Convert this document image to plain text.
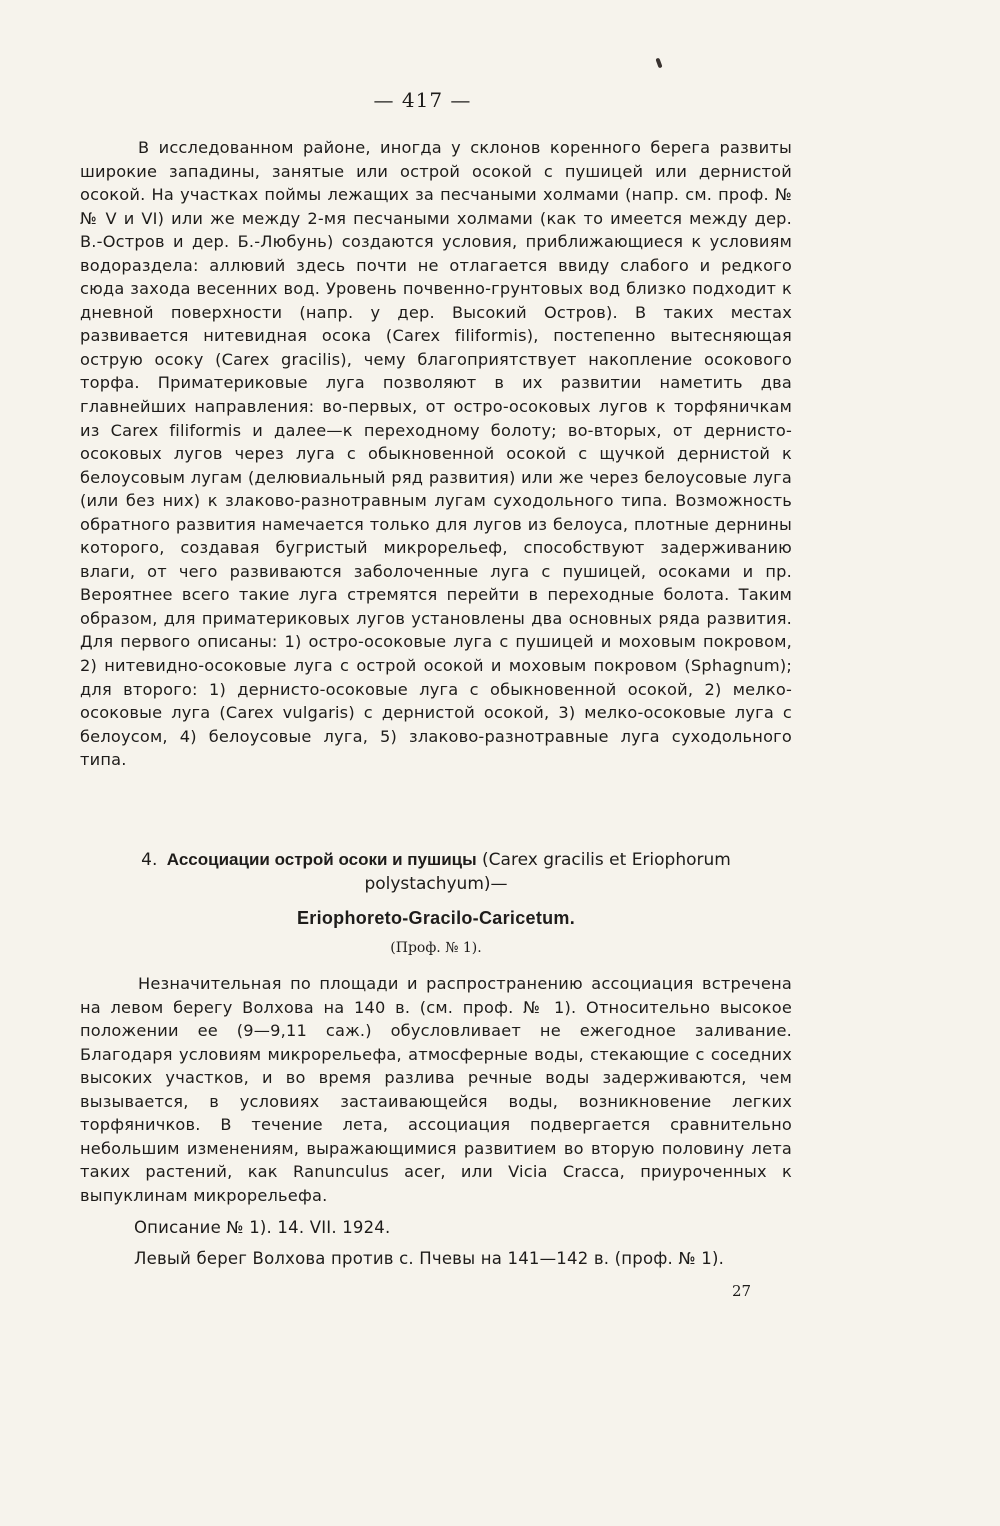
— 417 —

В исследованном районе, иногда у склонов коренного берега развиты широкие западины, занятые или острой осокой с пушицей или дернистой осокой. На участках поймы лежащих за песчаными холмами (напр. см. проф. №№ V и VI) или же между 2-мя песчаными холмами (как то имеется между дер. В.-Остров и дер. Б.-Любунь) создаются условия, приближающиеся к условиям водораздела: аллювий здесь почти не отлагается ввиду слабого и редкого сюда захода весенних вод. Уровень почвенно-грунтовых вод близко подходит к дневной поверхности (напр. у дер. Высокий Остров). В таких местах развивается нитевидная осока (Carex filiformis), постепенно вытесняющая острую осоку (Carex gracilis), чему благоприятствует накопление осокового торфа. Приматериковые луга позволяют в их развитии наметить два главнейших направления: во-первых, от остро-осоковых лугов к торфяничкам из Carex filiformis и далее—к переходному болоту; во-вторых, от дернисто-осоковых лугов через луга с обыкновенной осокой с щучкой дернистой к белоусовым лугам (делювиальный ряд развития) или же через белоусовые луга (или без них) к злаково-разнотравным лугам суходольного типа. Возможность обратного развития намечается только для лугов из белоуса, плотные дернины которого, создавая бугристый микрорельеф, способствуют задерживанию влаги, от чего развиваются заболоченные луга с пушицей, осоками и пр. Вероятнее всего такие луга стремятся перейти в переходные болота. Таким образом, для приматериковых лугов установлены два основных ряда развития. Для первого описаны: 1) остро-осоковые луга с пушицей и моховым покровом, 2) нитевидно-осоковые луга с острой осокой и моховым покровом (Sphagnum); для второго: 1) дернисто-осоковые луга с обыкновенной осокой, 2) мелко-осоковые луга (Carex vulgaris) с дернистой осокой, 3) мелко-осоковые луга с белоусом, 4) белоусовые луга, 5) злаково-разнотравные луга суходольного типа.

4. Ассоциации острой осоки и пушицы (Carex gracilis et Eriophorum polystachyum)—
Eriophoreto-Gracilo-Caricetum.
(Проф. № 1).

Незначительная по площади и распространению ассоциация встречена на левом берегу Волхова на 140 в. (см. проф. № 1). Относительно высокое положении ее (9—9,11 саж.) обусловливает не ежегодное заливание. Благодаря условиям микрорельефа, атмосферные воды, стекающие с соседних высоких участков, и во время разлива речные воды задерживаются, чем вызывается, в условиях застаивающейся воды, возникновение легких торфяничков. В течение лета, ассоциация подвергается сравнительно небольшим изменениям, выражающимися развитием во вторую половину лета таких растений, как Ranunculus acer, или Vicia Cracca, приуроченных к выпуклинам микрорельефа.

Описание № 1). 14. VII. 1924.
Левый берег Волхова против с. Пчевы на 141—142 в. (проф. № 1).
27
